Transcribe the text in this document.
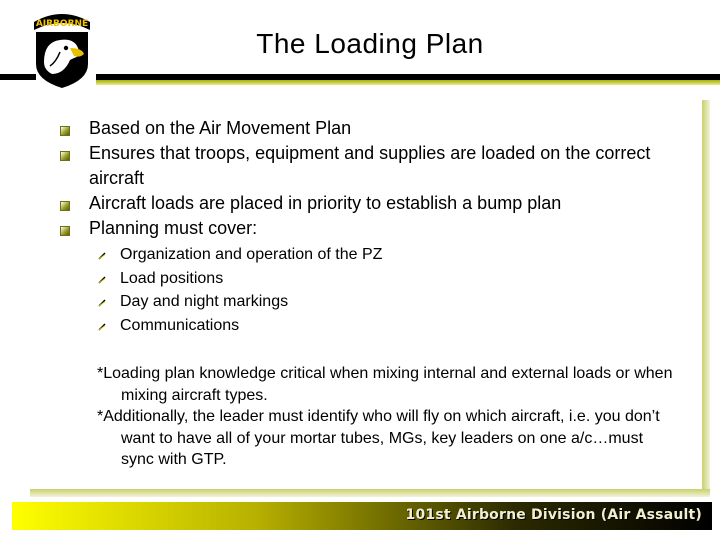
AIRBORNE
The Loading Plan
Based on the Air Movement Plan
Ensures that troops, equipment and supplies are loaded on the correct aircraft
Aircraft loads are placed in priority to establish a bump plan
Planning must cover:
Organization and operation of the PZ
Load positions
Day and night markings
Communications
*Loading plan knowledge critical when mixing internal and external loads or when mixing aircraft types.
*Additionally, the leader must identify who will fly on which aircraft, i.e. you don’t want to have all of your mortar tubes, MGs, key leaders on one a/c…must sync with GTP.
101st Airborne Division (Air Assault)
